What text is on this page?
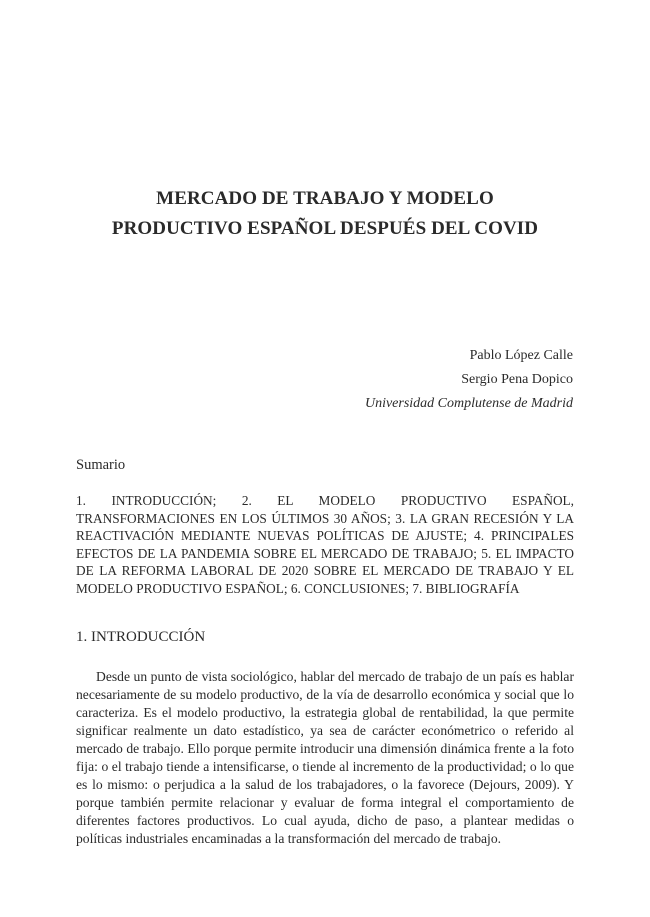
MERCADO DE TRABAJO Y MODELO
PRODUCTIVO ESPAÑOL DESPUÉS DEL COVID
Pablo López Calle
Sergio Pena Dopico
Universidad Complutense de Madrid
Sumario
1. INTRODUCCIÓN; 2. EL MODELO PRODUCTIVO ESPAÑOL, TRANSFORMACIONES EN LOS ÚLTIMOS 30 AÑOS; 3. LA GRAN RECESIÓN Y LA REACTIVACIÓN MEDIANTE NUEVAS POLÍTICAS DE AJUSTE; 4. PRINCIPALES EFECTOS DE LA PANDEMIA SOBRE EL MERCADO DE TRABAJO; 5. EL IMPACTO DE LA REFORMA LABORAL DE 2020 SOBRE EL MERCADO DE TRABAJO Y EL MODELO PRODUCTIVO ESPAÑOL; 6. CONCLUSIONES; 7. BIBLIOGRAFÍA
1. INTRODUCCIÓN

Desde un punto de vista sociológico, hablar del mercado de trabajo de un país es hablar necesariamente de su modelo productivo, de la vía de desarrollo económica y social que lo caracteriza. Es el modelo productivo, la estrategia global de rentabilidad, la que permite significar realmente un dato estadístico, ya sea de carácter económetrico o referido al mercado de trabajo. Ello porque permite introducir una dimensión dinámica frente a la foto fija: o el trabajo tiende a intensificarse, o tiende al incremento de la productividad; o lo que es lo mismo: o perjudica a la salud de los trabajadores, o la favorece (Dejours, 2009). Y porque también permite relacionar y evaluar de forma integral el comportamiento de diferentes factores productivos. Lo cual ayuda, dicho de paso, a plantear medidas o políticas industriales encaminadas a la transformación del mercado de trabajo.
